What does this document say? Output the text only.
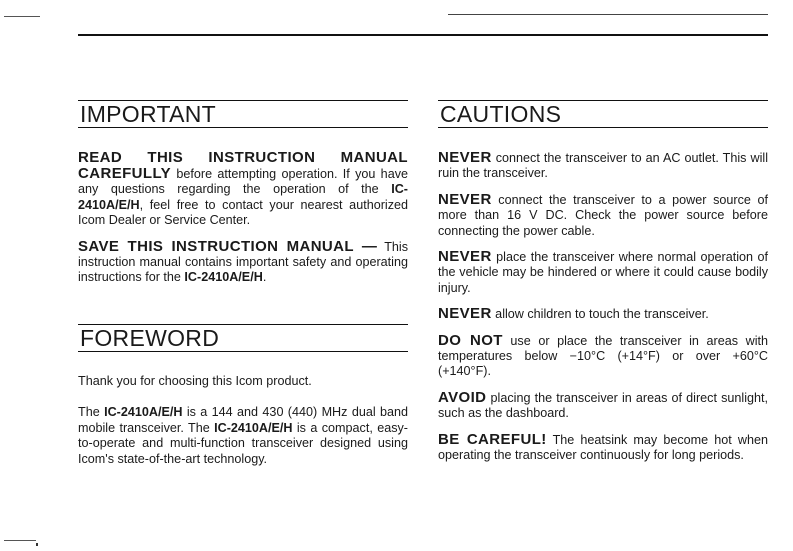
IMPORTANT
READ THIS INSTRUCTION MANUAL

CAREFULLY before attempting operation. If you have any questions regarding the operation of the IC-2410A/E/H, feel free to contact your nearest authorized Icom Dealer or Service Center.

SAVE THIS INSTRUCTION MANUAL — This instruction manual contains important safety and operating instructions for the IC-2410A/E/H.

FOREWORD

Thank you for choosing this Icom product.

The IC-2410A/E/H is a 144 and 430 (440) MHz dual band mobile transceiver. The IC-2410A/E/H is a compact, easy-to-operate and multi-function transceiver designed using Icom's state-of-the-art technology.

CAUTIONS

NEVER connect the transceiver to an AC outlet. This will ruin the transceiver.

NEVER connect the transceiver to a power source of more than 16 V DC. Check the power source before connecting the power cable.

NEVER place the transceiver where normal operation of the vehicle may be hindered or where it could cause bodily injury.

NEVER allow children to touch the transceiver.

DO NOT use or place the transceiver in areas with temperatures below −10°C (+14°F) or over +60°C (+140°F).

AVOID placing the transceiver in areas of direct sunlight, such as the dashboard.

BE CAREFUL! The heatsink may become hot when operating the transceiver continuously for long periods.
